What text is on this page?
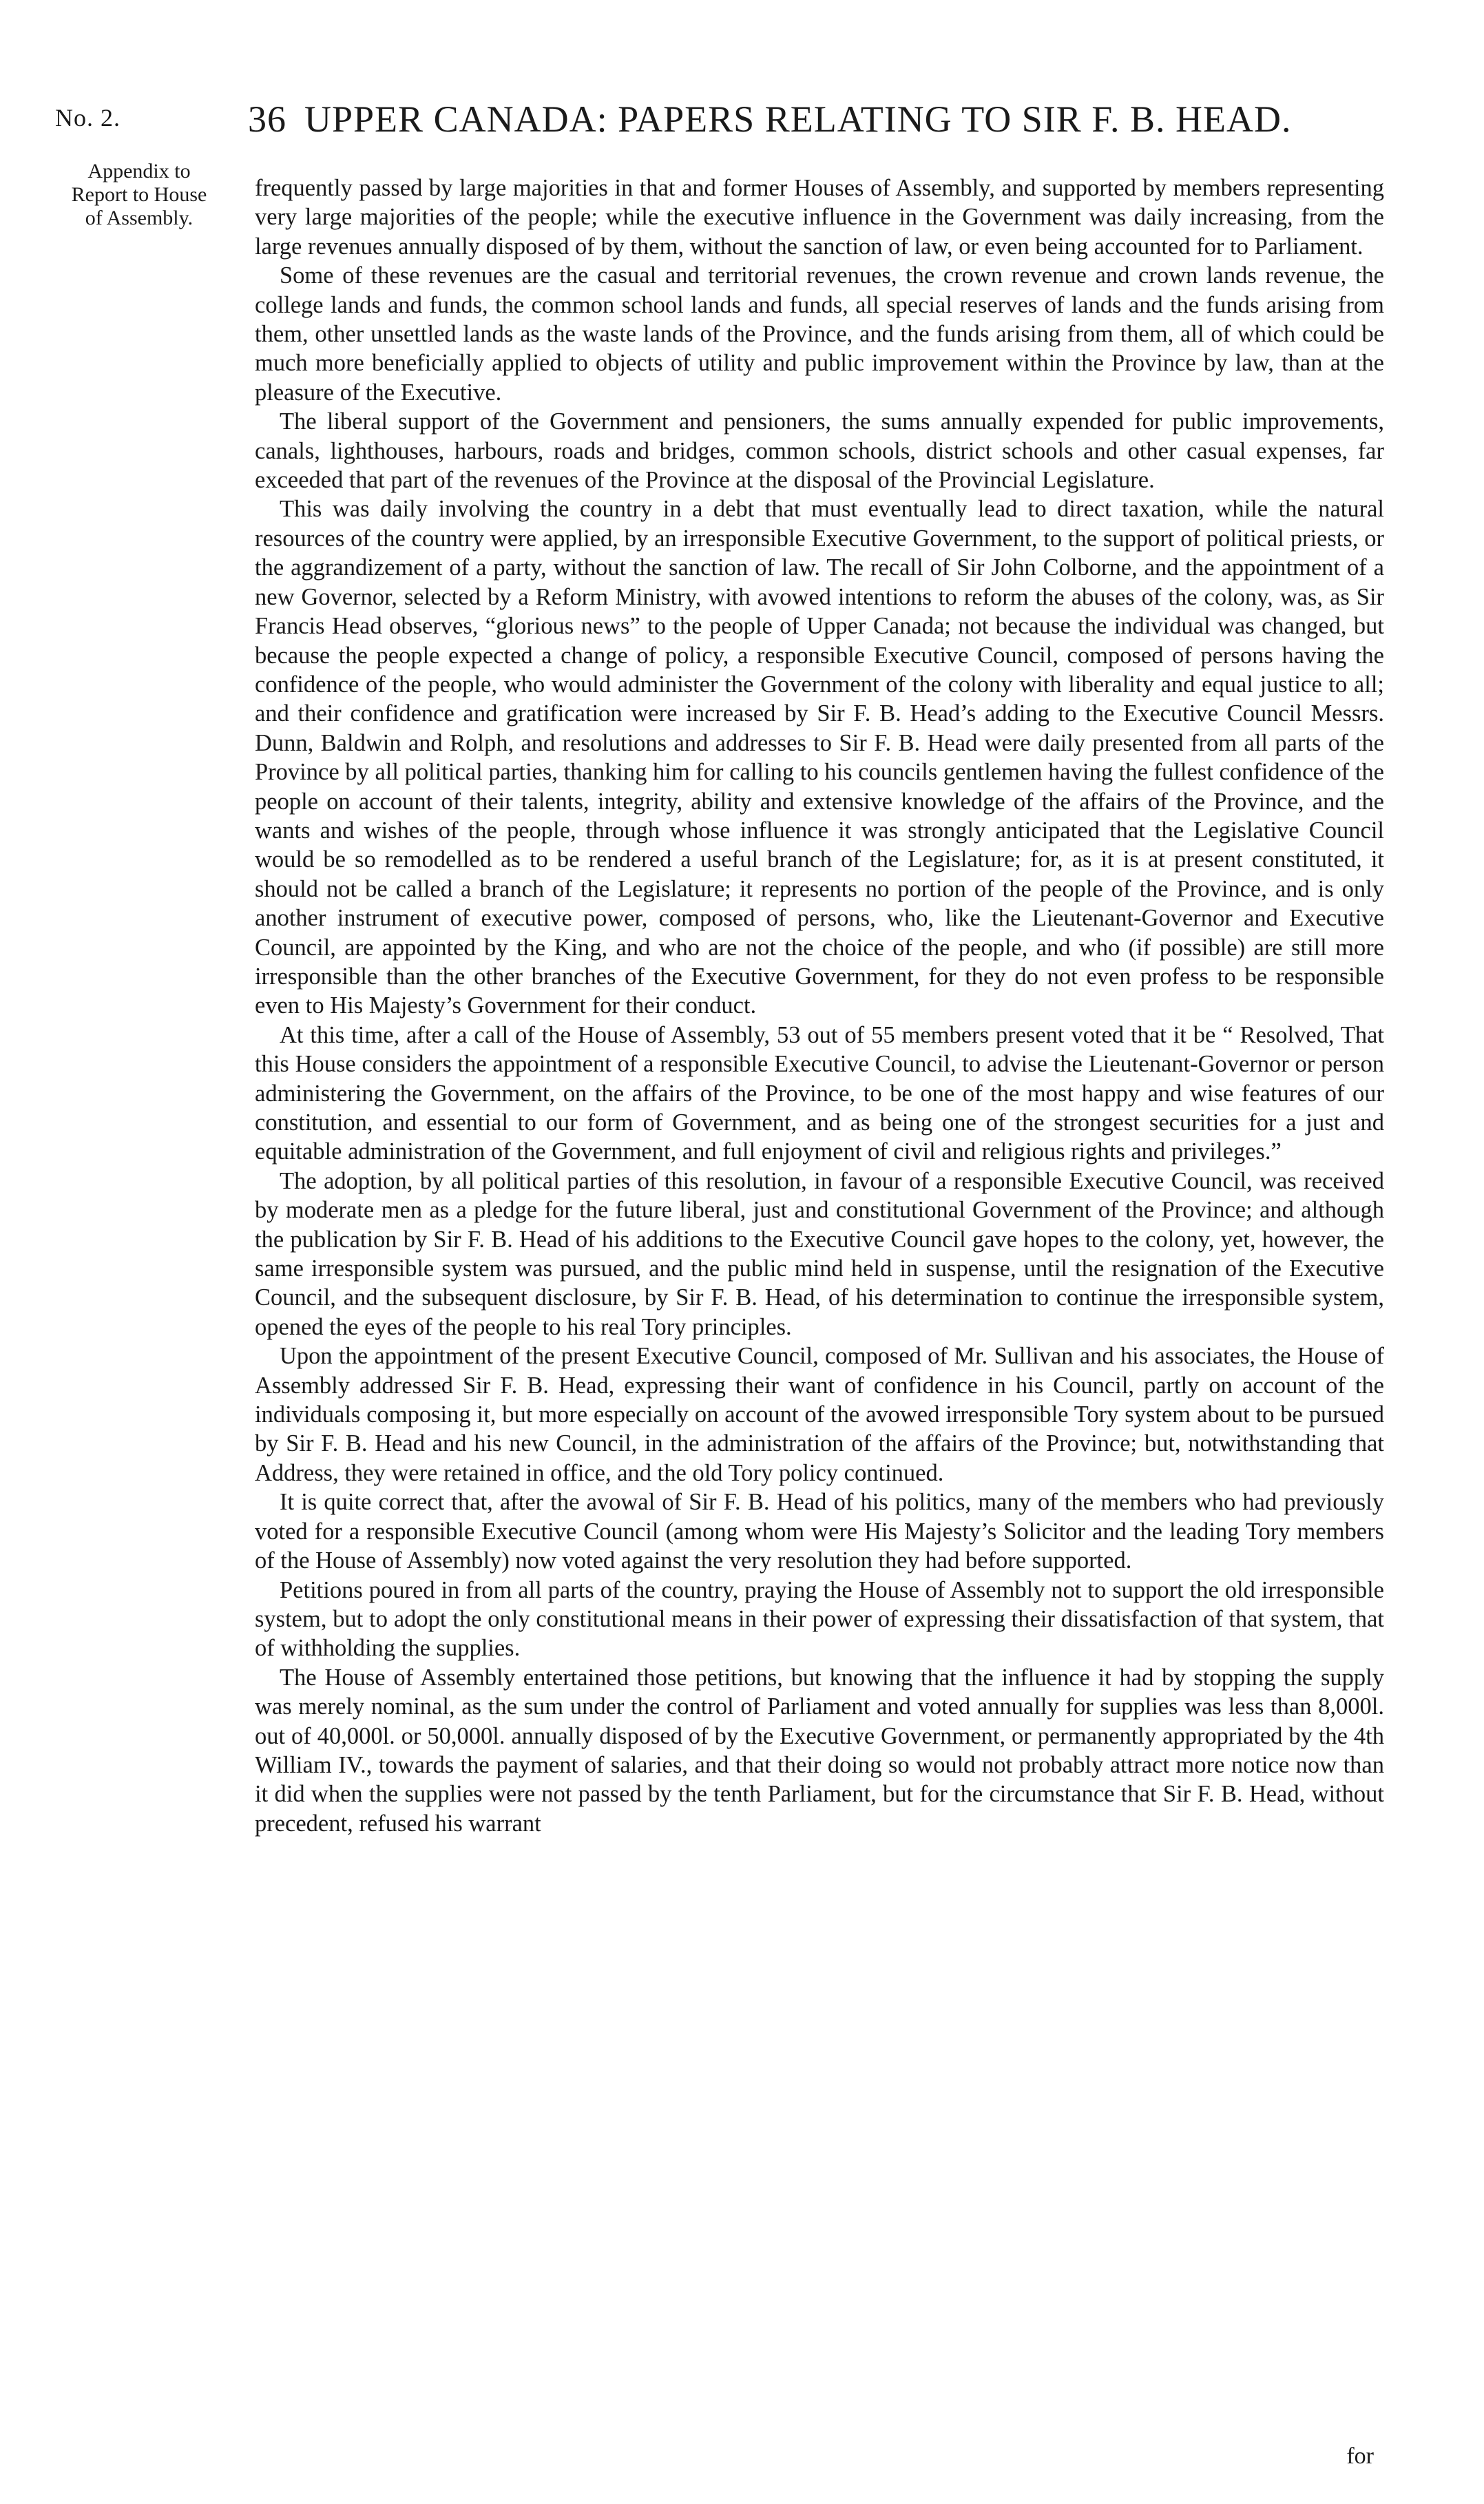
No. 2.	36 UPPER CANADA: PAPERS RELATING TO SIR F. B. HEAD.
Appendix to
Report to House
of Assembly.

frequently passed by large majorities in that and former Houses of Assembly, and supported by members representing very large majorities of the people; while the executive influence in the Government was daily increasing, from the large revenues annually disposed of by them, without the sanction of law, or even being accounted for to Parliament.

Some of these revenues are the casual and territorial revenues, the crown revenue and crown lands revenue, the college lands and funds, the common school lands and funds, all special reserves of lands and the funds arising from them, other unsettled lands as the waste lands of the Province, and the funds arising from them, all of which could be much more beneficially applied to objects of utility and public improvement within the Province by law, than at the pleasure of the Executive.

The liberal support of the Government and pensioners, the sums annually expended for public improvements, canals, lighthouses, harbours, roads and bridges, common schools, district schools and other casual expenses, far exceeded that part of the revenues of the Province at the disposal of the Provincial Legislature.

This was daily involving the country in a debt that must eventually lead to direct taxation, while the natural resources of the country were applied, by an irresponsible Executive Government, to the support of political priests, or the aggrandizement of a party, without the sanction of law. The recall of Sir John Colborne, and the appointment of a new Governor, selected by a Reform Ministry, with avowed intentions to reform the abuses of the colony, was, as Sir Francis Head observes, “glorious news” to the people of Upper Canada; not because the individual was changed, but because the people expected a change of policy, a responsible Executive Council, composed of persons having the confidence of the people, who would administer the Government of the colony with liberality and equal justice to all; and their confidence and gratification were increased by Sir F. B. Head’s adding to the Executive Council Messrs. Dunn, Baldwin and Rolph, and resolutions and addresses to Sir F. B. Head were daily presented from all parts of the Province by all political parties, thanking him for calling to his councils gentlemen having the fullest confidence of the people on account of their talents, integrity, ability and extensive knowledge of the affairs of the Province, and the wants and wishes of the people, through whose influence it was strongly anticipated that the Legislative Council would be so remodelled as to be rendered a useful branch of the Legislature; for, as it is at present constituted, it should not be called a branch of the Legislature; it represents no portion of the people of the Province, and is only another instrument of executive power, composed of persons, who, like the Lieutenant-Governor and Executive Council, are appointed by the King, and who are not the choice of the people, and who (if possible) are still more irresponsible than the other branches of the Executive Government, for they do not even profess to be responsible even to His Majesty’s Government for their conduct.

At this time, after a call of the House of Assembly, 53 out of 55 members present voted that it be “ Resolved, That this House considers the appointment of a responsible Executive Council, to advise the Lieutenant-Governor or person administering the Government, on the affairs of the Province, to be one of the most happy and wise features of our constitution, and essential to our form of Government, and as being one of the strongest securities for a just and equitable administration of the Government, and full enjoyment of civil and religious rights and privileges.”

The adoption, by all political parties of this resolution, in favour of a responsible Executive Council, was received by moderate men as a pledge for the future liberal, just and constitutional Government of the Province; and although the publication by Sir F. B. Head of his additions to the Executive Council gave hopes to the colony, yet, however, the same irresponsible system was pursued, and the public mind held in suspense, until the resignation of the Executive Council, and the subsequent disclosure, by Sir F. B. Head, of his determination to continue the irresponsible system, opened the eyes of the people to his real Tory principles.

Upon the appointment of the present Executive Council, composed of Mr. Sullivan and his associates, the House of Assembly addressed Sir F. B. Head, expressing their want of confidence in his Council, partly on account of the individuals composing it, but more especially on account of the avowed irresponsible Tory system about to be pursued by Sir F. B. Head and his new Council, in the administration of the affairs of the Province; but, notwithstanding that Address, they were retained in office, and the old Tory policy continued.

It is quite correct that, after the avowal of Sir F. B. Head of his politics, many of the members who had previously voted for a responsible Executive Council (among whom were His Majesty’s Solicitor and the leading Tory members of the House of Assembly) now voted against the very resolution they had before supported.

Petitions poured in from all parts of the country, praying the House of Assembly not to support the old irresponsible system, but to adopt the only constitutional means in their power of expressing their dissatisfaction of that system, that of withholding the supplies.

The House of Assembly entertained those petitions, but knowing that the influence it had by stopping the supply was merely nominal, as the sum under the control of Parliament and voted annually for supplies was less than 8,000l. out of 40,000l. or 50,000l. annually disposed of by the Executive Government, or permanently appropriated by the 4th William IV., towards the payment of salaries, and that their doing so would not probably attract more notice now than it did when the supplies were not passed by the tenth Parliament, but for the circumstance that Sir F. B. Head, without precedent, refused his warrant

for
